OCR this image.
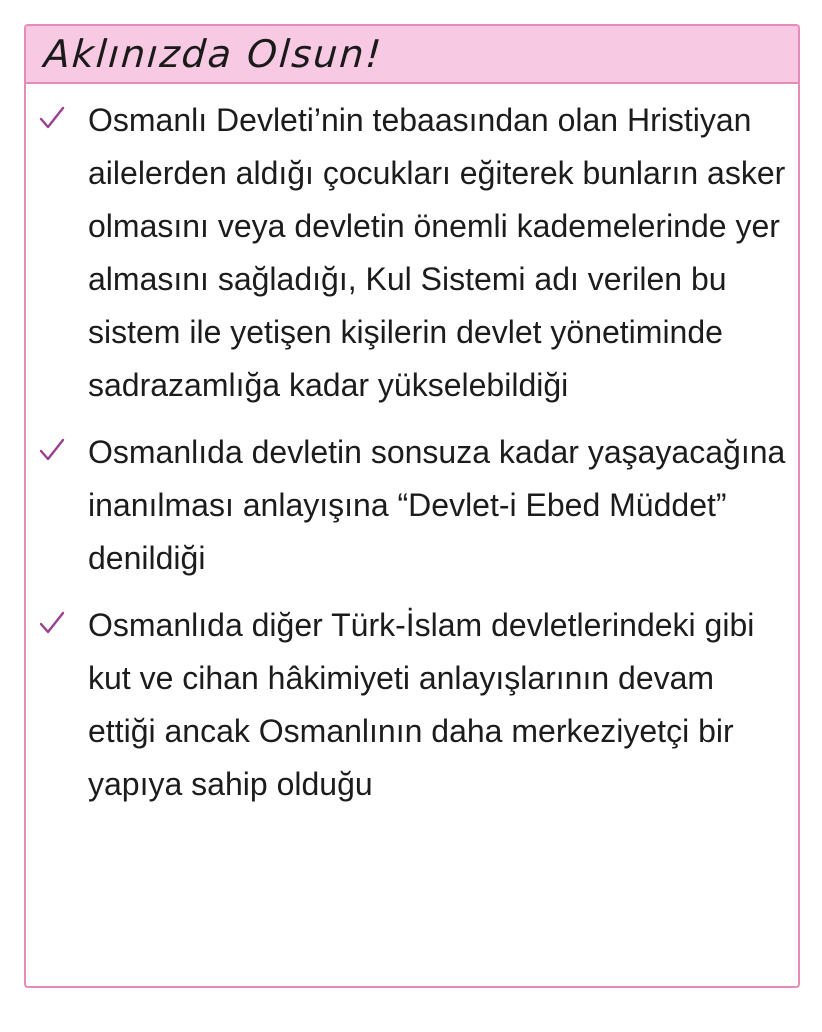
Aklınızda Olsun!
Osmanlı Devleti’nin tebaasından olan Hristiyan ailelerden aldığı çocukları eğiterek bunların asker olmasını veya devletin önemli kademelerinde yer almasını sağladığı, Kul Sistemi adı verilen bu sistem ile yetişen kişilerin devlet yönetiminde sadrazamlığa kadar yükselebildiği
Osmanlıda devletin sonsuza kadar yaşayacağına inanılması anlayışına “Devlet-i Ebed Müddet” denildiği
Osmanlıda diğer Türk-İslam devletlerindeki gibi kut ve cihan hâkimiyeti anlayışlarının devam ettiği ancak Osmanlının daha merkeziyetçi bir yapıya sahip olduğu
